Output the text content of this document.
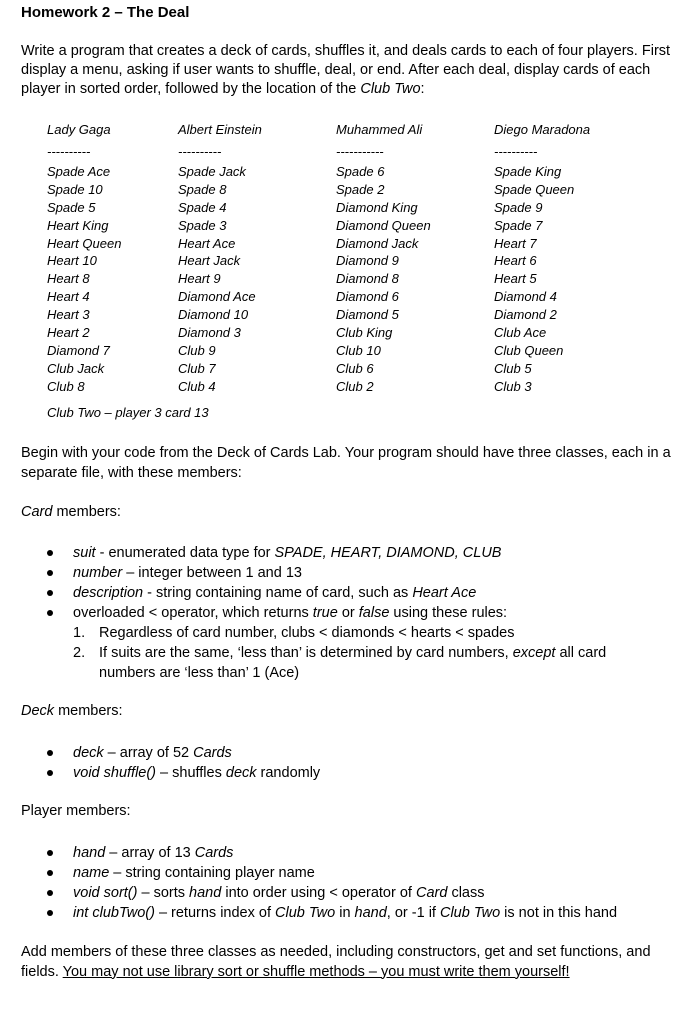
Homework 2 – The Deal

Write a program that creates a deck of cards, shuffles it, and deals cards to each of four players. First display a menu, asking if user wants to shuffle, deal, or end. After each deal, display cards of each player in sorted order, followed by the location of the Club Two:

Lady Gaga
----------
Spade Ace
Spade 10
Spade 5
Heart King
Heart Queen
Heart 10
Heart 8
Heart 4
Heart 3
Heart 2
Diamond 7
Club Jack
Club 8
Albert Einstein
----------
Spade Jack
Spade 8
Spade 4
Spade 3
Heart Ace
Heart Jack
Heart 9
Diamond Ace
Diamond 10
Diamond 3
Club 9
Club 7
Club 4
Muhammed Ali
-----------
Spade 6
Spade 2
Diamond King
Diamond Queen
Diamond Jack
Diamond 9
Diamond 8
Diamond 6
Diamond 5
Club King
Club 10
Club 6
Club 2
Diego Maradona
----------
Spade King
Spade Queen
Spade 9
Spade 7
Heart 7
Heart 6
Heart 5
Diamond 4
Diamond 2
Club Ace
Club Queen
Club 5
Club 3
Club Two – player 3 card 13

Begin with your code from the Deck of Cards Lab. Your program should have three classes, each in a separate file, with these members:

Card members:

suit - enumerated data type for SPADE, HEART, DIAMOND, CLUB
number – integer between 1 and 13
description - string containing name of card, such as Heart Ace
overloaded < operator, which returns true or false using these rules:
1. Regardless of card number, clubs < diamonds < hearts < spades
2. If suits are the same, ‘less than’ is determined by card numbers, except all card numbers are ‘less than’ 1 (Ace)

Deck members:

deck – array of 52 Cards
void shuffle() – shuffles deck randomly

Player members:

hand – array of 13 Cards
name – string containing player name
void sort() – sorts hand into order using < operator of Card class
int clubTwo() – returns index of Club Two in hand, or -1 if Club Two is not in this hand

Add members of these three classes as needed, including constructors, get and set functions, and fields. You may not use library sort or shuffle methods – you must write them yourself!
